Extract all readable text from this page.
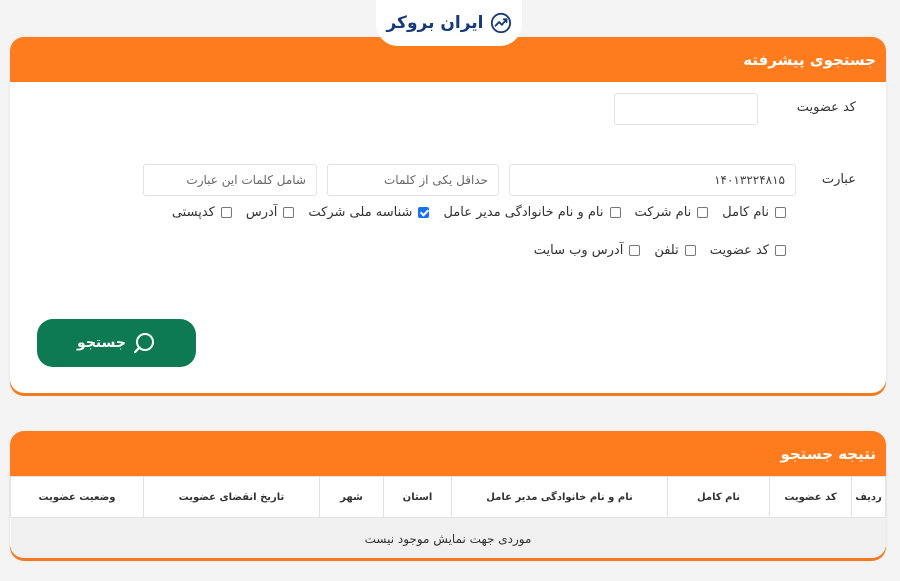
ایران بروکر
جستجوی پیشرفته
کد عضویت
عبارت
۱۴۰۱۳۲۲۴۸۱۵
حداقل یکی از کلمات
شامل کلمات این عبارت
نام کامل
نام شرکت
نام و نام خانوادگی مدیر عامل
شناسه ملی شرکت
آدرس
کدپستی
کد عضویت
تلفن
آدرس وب سایت
جستجو
نتیجه جستجو
ردیف	کد عضویت	نام کامل	نام و نام خانوادگی مدیر عامل	استان	شهر	تاریخ انقضای عضویت	وضعیت عضویت
موردی جهت نمایش موجود نیست
